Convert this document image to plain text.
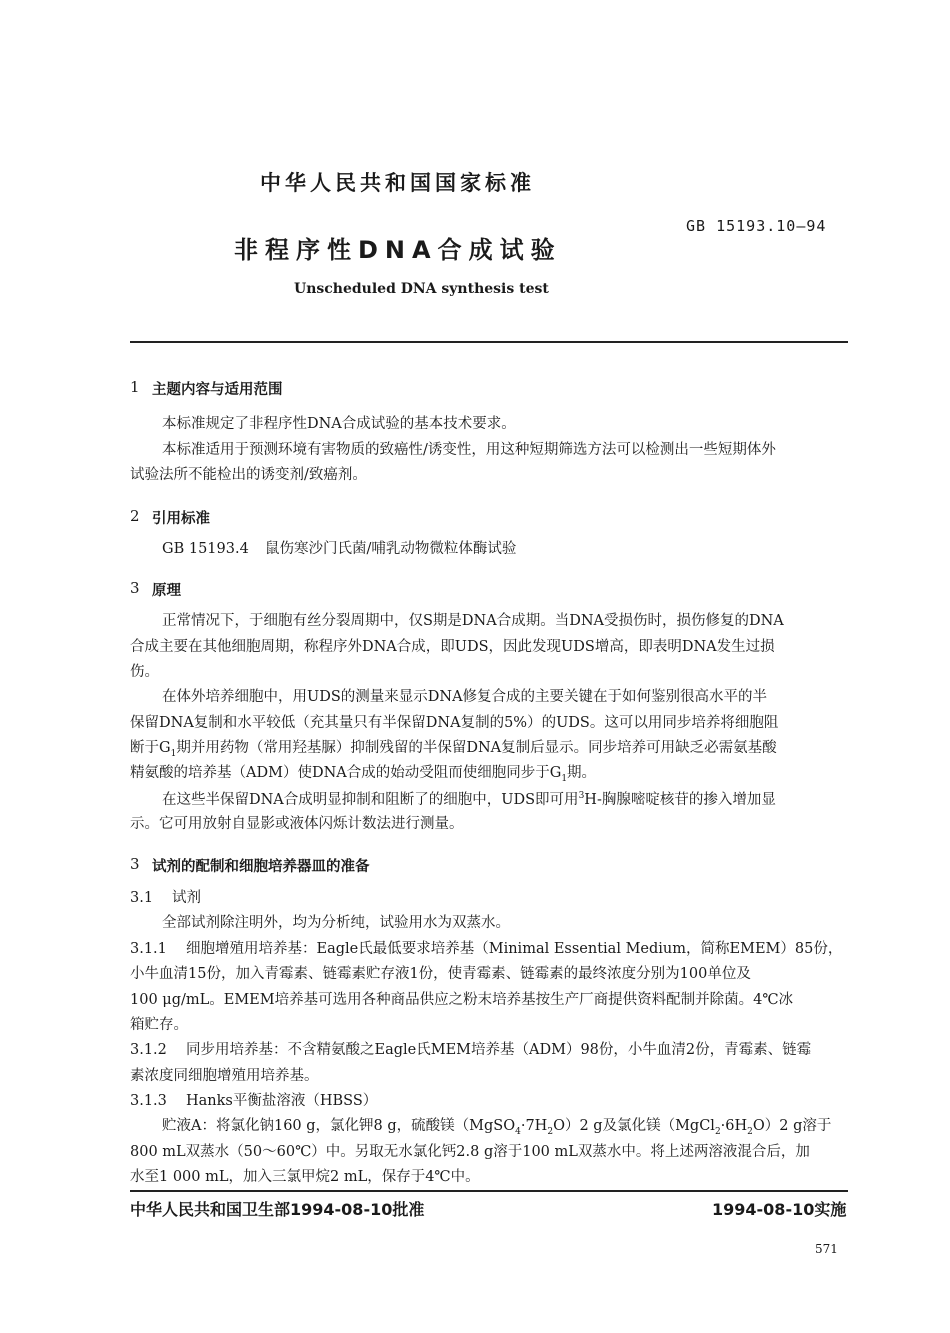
中华人民共和国国家标准
GB 15193.10—94
非程序性DNA合成试验
Unscheduled DNA synthesis test
1 主题内容与适用范围
本标准规定了非程序性DNA合成试验的基本技术要求。
本标准适用于预测环境有害物质的致癌性/诱变性，用这种短期筛选方法可以检测出一些短期体外
试验法所不能检出的诱变剂/致癌剂。
2 引用标准
GB 15193.4 鼠伤寒沙门氏菌/哺乳动物微粒体酶试验
3 原理
正常情况下，于细胞有丝分裂周期中，仅S期是DNA合成期。当DNA受损伤时，损伤修复的DNA
合成主要在其他细胞周期，称程序外DNA合成，即UDS，因此发现UDS增高，即表明DNA发生过损
伤。
在体外培养细胞中，用UDS的测量来显示DNA修复合成的主要关键在于如何鉴别很高水平的半
保留DNA复制和水平较低（充其量只有半保留DNA复制的5%）的UDS。这可以用同步培养将细胞阻
断于$G_1$期并用药物（常用羟基脲）抑制残留的半保留DNA复制后显示。同步培养可用缺乏必需氨基酸
精氨酸的培养基（ADM）使DNA合成的始动受阻而使细胞同步于$G_1$期。
在这些半保留DNA合成明显抑制和阻断了的细胞中，UDS即可用$^3$H-胸腺嘧啶核苷的掺入增加显
示。它可用放射自显影或液体闪烁计数法进行测量。
3 试剂的配制和细胞培养器皿的准备
3.1 试剂
全部试剂除注明外，均为分析纯，试验用水为双蒸水。
3.1.1 细胞增殖用培养基：Eagle氏最低要求培养基（Minimal Essential Medium，简称EMEM）85份，
小牛血清15份，加入青霉素、链霉素贮存液1份，使青霉素、链霉素的最终浓度分别为100单位及
100 μg/mL。EMEM培养基可选用各种商品供应之粉末培养基按生产厂商提供资料配制并除菌。4℃冰
箱贮存。
3.1.2 同步用培养基：不含精氨酸之Eagle氏MEM培养基（ADM）98份，小牛血清2份，青霉素、链霉
素浓度同细胞增殖用培养基。
3.1.3 Hanks平衡盐溶液（HBSS）
贮液A：将氯化钠160 g，氯化钾8 g，硫酸镁$(MgSO_4\cdot 7H_2O)2$ g及氯化镁$(MgCl_2\cdot 6H_2O)2$ g溶于
800 mL双蒸水（50～60℃）中。另取无水氯化钙2.8 g溶于100 mL双蒸水中。将上述两溶液混合后，加
水至1 000 mL，加入三氯甲烷2 mL，保存于4℃中。
中华人民共和国卫生部1994-08-10批准	1994-08-10实施
571
